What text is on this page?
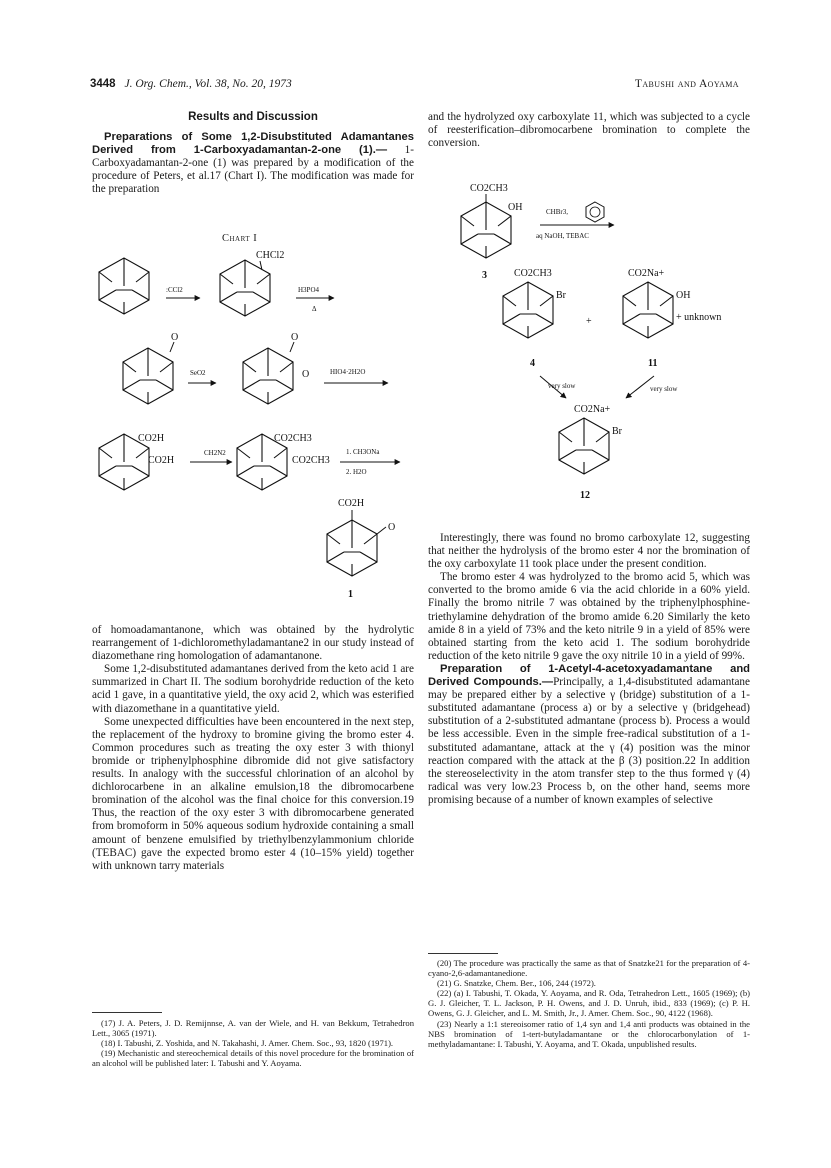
3448 J. Org. Chem., Vol. 38, No. 20, 1973	Tabushi and Aoyama

Results and Discussion

Preparations of Some 1,2-Disubstituted Adamantanes Derived from 1-Carboxyadamantan-2-one (1).— 1-Carboxyadamantan-2-one (1) was prepared by a modification of the procedure of Peters, et al.17 (Chart I). The modification was made for the preparation

Chart I

of homoadamantanone, which was obtained by the hydrolytic rearrangement of 1-dichloromethyladamantane2 in our study instead of diazomethane ring homologation of adamantanone.

Some 1,2-disubstituted adamantanes derived from the keto acid 1 are summarized in Chart II. The sodium borohydride reduction of the keto acid 1 gave, in a quantitative yield, the oxy acid 2, which was esterified with diazomethane in a quantitative yield.

Some unexpected difficulties have been encountered in the next step, the replacement of the hydroxy to bromine giving the bromo ester 4. Common procedures such as treating the oxy ester 3 with thionyl bromide or triphenylphosphine dibromide did not give satisfactory results. In analogy with the successful chlorination of an alcohol by dichlorocarbene in an alkaline emulsion,18 the dibromocarbene bromination of the alcohol was the final choice for this conversion.19 Thus, the reaction of the oxy ester 3 with dibromocarbene generated from bromoform in 50% aqueous sodium hydroxide containing a small amount of benzene emulsified by triethylbenzylammonium chloride (TEBAC) gave the expected bromo ester 4 (10–15% yield) together with unknown tarry materials

(17) J. A. Peters, J. D. Remijnnse, A. van der Wiele, and H. van Bekkum, Tetrahedron Lett., 3065 (1971).

(18) I. Tabushi, Z. Yoshida, and N. Takahashi, J. Amer. Chem. Soc., 93, 1820 (1971).

(19) Mechanistic and stereochemical details of this novel procedure for the bromination of an alcohol will be published later: I. Tabushi and Y. Aoyama.

and the hydrolyzed oxy carboxylate 11, which was subjected to a cycle of reesterification–dibromocarbene bromination to complete the conversion.

Interestingly, there was found no bromo carboxylate 12, suggesting that neither the hydrolysis of the bromo ester 4 nor the bromination of the oxy carboxylate 11 took place under the present condition.

The bromo ester 4 was hydrolyzed to the bromo acid 5, which was converted to the bromo amide 6 via the acid chloride in a 60% yield. Finally the bromo nitrile 7 was obtained by the triphenylphosphine-triethylamine dehydration of the bromo amide 6.20 Similarly the keto amide 8 in a yield of 73% and the keto nitrile 9 in a yield of 85% were obtained starting from the keto acid 1. The sodium borohydride reduction of the keto nitrile 9 gave the oxy nitrile 10 in a yield of 99%.

Preparation of 1-Acetyl-4-acetoxyadamantane and Derived Compounds.—Principally, a 1,4-disubstituted adamantane may be prepared either by a selective γ (bridge) substitution of a 1-substituted adamantane (process a) or by a selective γ (bridgehead) substitution of a 2-substituted admantane (process b). Process a would be less accessible. Even in the simple free-radical substitution of a 1-substituted adamantane, attack at the γ (4) position was the minor reaction compared with the attack at the β (3) position.22 In addition the stereoselectivity in the atom transfer step to the thus formed γ (4) radical was very low.23 Process b, on the other hand, seems more promising because of a number of known examples of selective

(20) The procedure was practically the same as that of Snatzke21 for the preparation of 4-cyano-2,6-adamantanedione.

(21) G. Snatzke, Chem. Ber., 106, 244 (1972).

(22) (a) I. Tabushi, T. Okada, Y. Aoyama, and R. Oda, Tetrahedron Lett., 1605 (1969); (b) G. J. Gleicher, T. L. Jackson, P. H. Owens, and J. D. Unruh, ibid., 833 (1969); (c) P. H. Owens, G. J. Gleicher, and L. M. Smith, Jr., J. Amer. Chem. Soc., 90, 4122 (1968).

(23) Nearly a 1:1 stereoisomer ratio of 1,4 syn and 1,4 anti products was obtained in the NBS bromination of 1-tert-butyladamantane or the chlorocarbonylation of 1-methyladamantane: I. Tabushi, Y. Aoyama, and T. Okada, unpublished results.

:CCl2
CHCl2
H3PO4
Δ
O
SeO2
O
O	HIO4·2H2O
CO2H
CO2H
CH2N2
CO2CH3
CO2CH3
1. CH3ONa
2. H2O
CO2H
O
1
CO2CH3
OH	CHBr3,
aq NaOH, TEBAC
3	CO2CH3
Br
+
4
CO2Na+
OH
+ unknown
11
very slow	very slow
CO2Na+
Br
12
